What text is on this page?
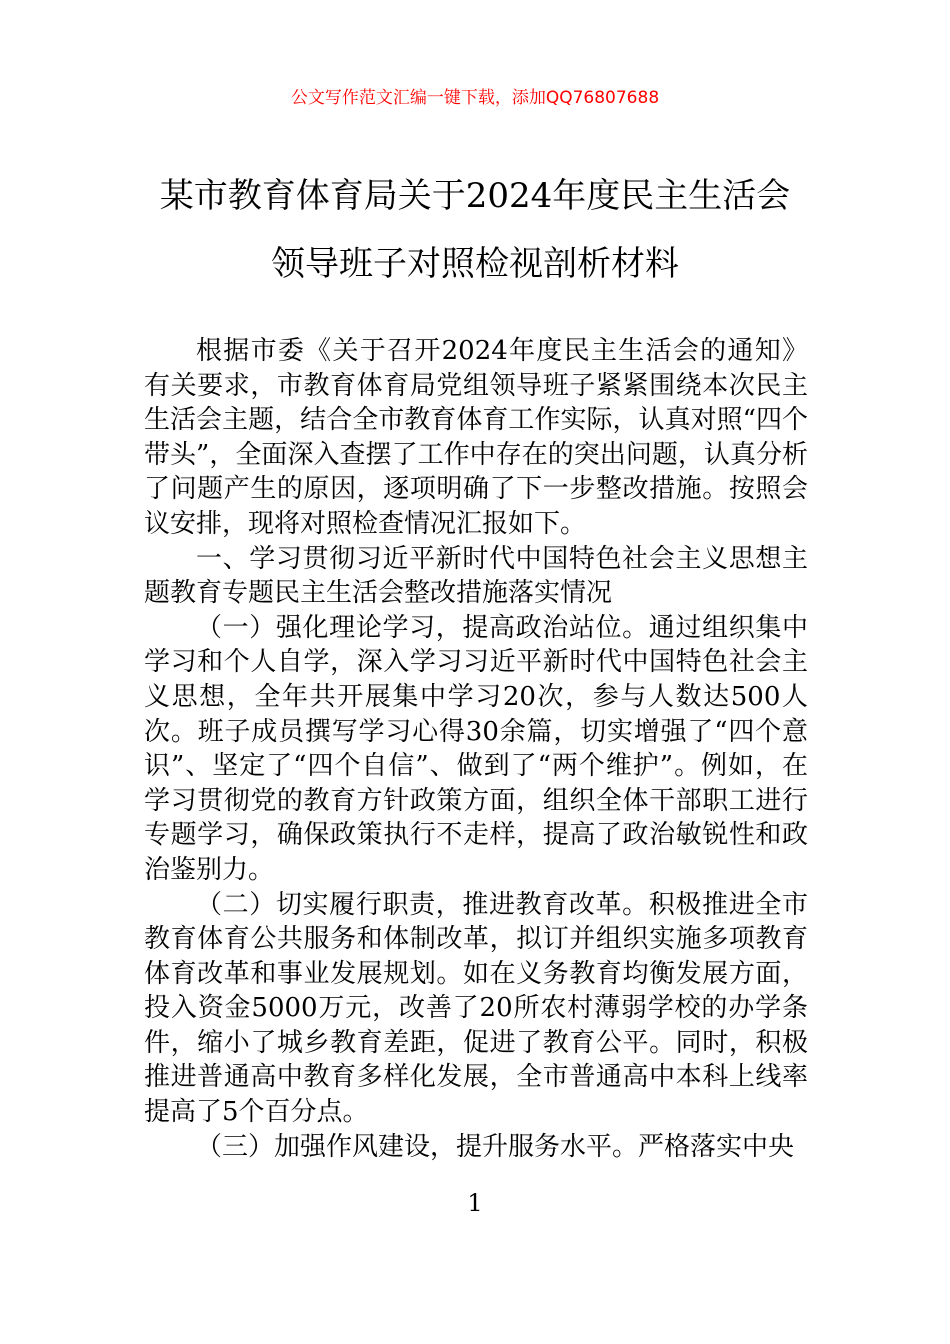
公文写作范文汇编一键下载，添加QQ76807688
某市教育体育局关于2024年度民主生活会
领导班子对照检视剖析材料

根据市委《关于召开2024年度民主生活会的通知》有关要求，市教育体育局党组领导班子紧紧围绕本次民主生活会主题，结合全市教育体育工作实际，认真对照“四个带头”，全面深入查摆了工作中存在的突出问题，认真分析了问题产生的原因，逐项明确了下一步整改措施。按照会议安排，现将对照检查情况汇报如下。

一、学习贯彻习近平新时代中国特色社会主义思想主题教育专题民主生活会整改措施落实情况

（一）强化理论学习，提高政治站位。通过组织集中学习和个人自学，深入学习习近平新时代中国特色社会主义思想，全年共开展集中学习20次，参与人数达500人次。班子成员撰写学习心得30余篇，切实增强了“四个意识”、坚定了“四个自信”、做到了“两个维护”。例如，在学习贯彻党的教育方针政策方面，组织全体干部职工进行专题学习，确保政策执行不走样，提高了政治敏锐性和政治鉴别力。

（二）切实履行职责，推进教育改革。积极推进全市教育体育公共服务和体制改革，拟订并组织实施多项教育体育改革和事业发展规划。如在义务教育均衡发展方面，投入资金5000万元，改善了20所农村薄弱学校的办学条件，缩小了城乡教育差距，促进了教育公平。同时，积极推进普通高中教育多样化发展，全市普通高中本科上线率提高了5个百分点。

（三）加强作风建设，提升服务水平。严格落实中央

1
